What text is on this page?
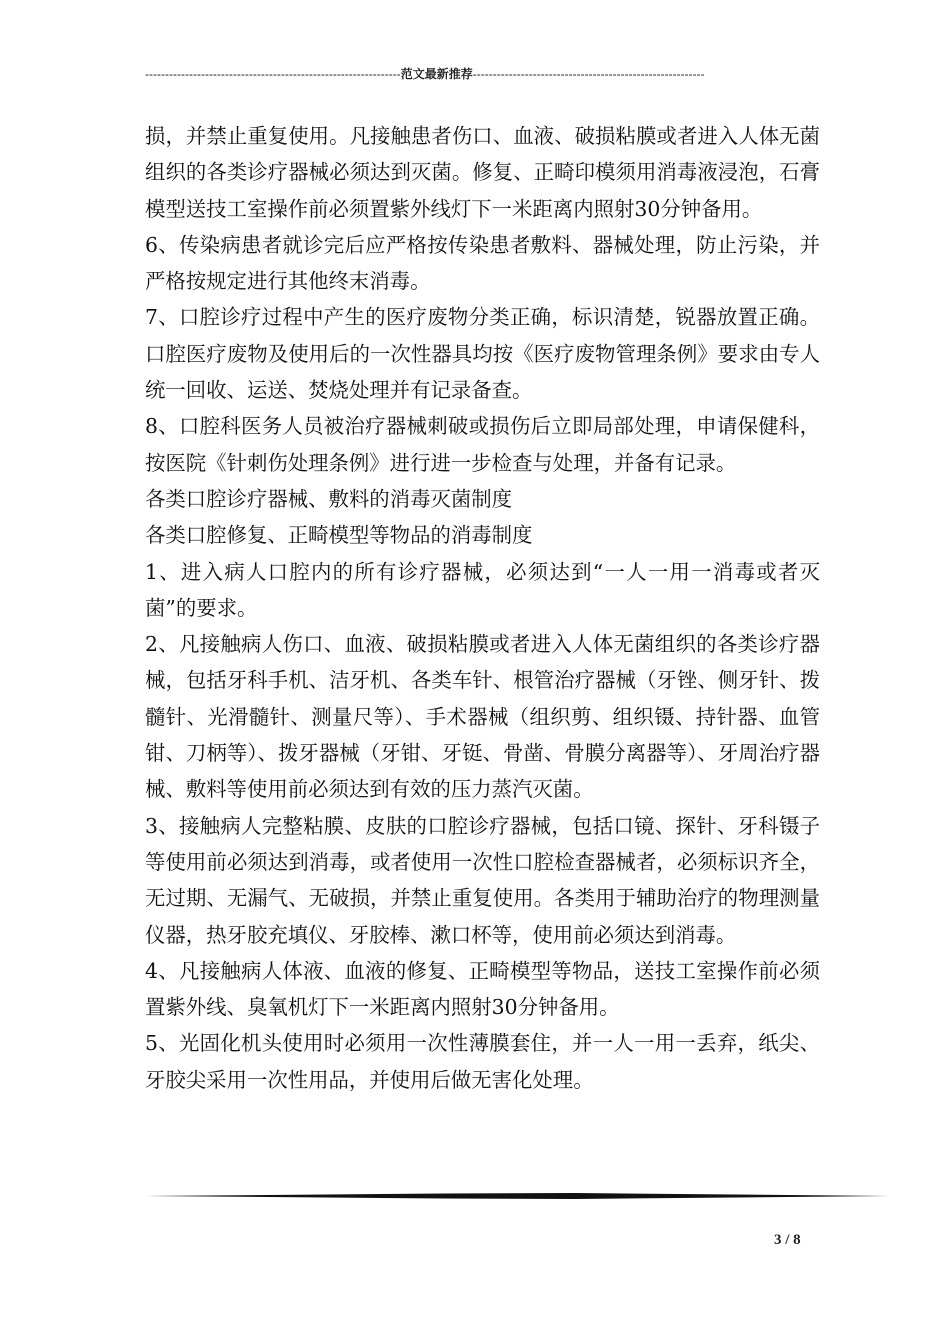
----------------------------------------------------------------范文最新推荐----------------------------------------------------------

损，并禁止重复使用。凡接触患者伤口、血液、破损粘膜或者进入人体无菌组织的各类诊疗器械必须达到灭菌。修复、正畸印模须用消毒液浸泡，石膏模型送技工室操作前必须置紫外线灯下一米距离内照射30分钟备用。

6、传染病患者就诊完后应严格按传染患者敷料、器械处理，防止污染，并严格按规定进行其他终末消毒。

7、口腔诊疗过程中产生的医疗废物分类正确，标识清楚，锐器放置正确。口腔医疗废物及使用后的一次性器具均按《医疗废物管理条例》要求由专人统一回收、运送、焚烧处理并有记录备查。

8、口腔科医务人员被治疗器械刺破或损伤后立即局部处理，申请保健科，按医院《针刺伤处理条例》进行进一步检查与处理，并备有记录。

各类口腔诊疗器械、敷料的消毒灭菌制度

各类口腔修复、正畸模型等物品的消毒制度

1、进入病人口腔内的所有诊疗器械，必须达到“一人一用一消毒或者灭菌”的要求。

2、凡接触病人伤口、血液、破损粘膜或者进入人体无菌组织的各类诊疗器械，包括牙科手机、洁牙机、各类车针、根管治疗器械（牙锉、侧牙针、拨髓针、光滑髓针、测量尺等）、手术器械（组织剪、组织镊、持针器、血管钳、刀柄等）、拨牙器械（牙钳、牙铤、骨凿、骨膜分离器等）、牙周治疗器械、敷料等使用前必须达到有效的压力蒸汽灭菌。

3、接触病人完整粘膜、皮肤的口腔诊疗器械，包括口镜、探针、牙科镊子等使用前必须达到消毒，或者使用一次性口腔检查器械者，必须标识齐全，无过期、无漏气、无破损，并禁止重复使用。各类用于辅助治疗的物理测量仪器，热牙胶充填仪、牙胶棒、漱口杯等，使用前必须达到消毒。

4、凡接触病人体液、血液的修复、正畸模型等物品，送技工室操作前必须置紫外线、臭氧机灯下一米距离内照射30分钟备用。

5、光固化机头使用时必须用一次性薄膜套住，并一人一用一丢弃，纸尖、牙胶尖采用一次性用品，并使用后做无害化处理。

3 / 8
